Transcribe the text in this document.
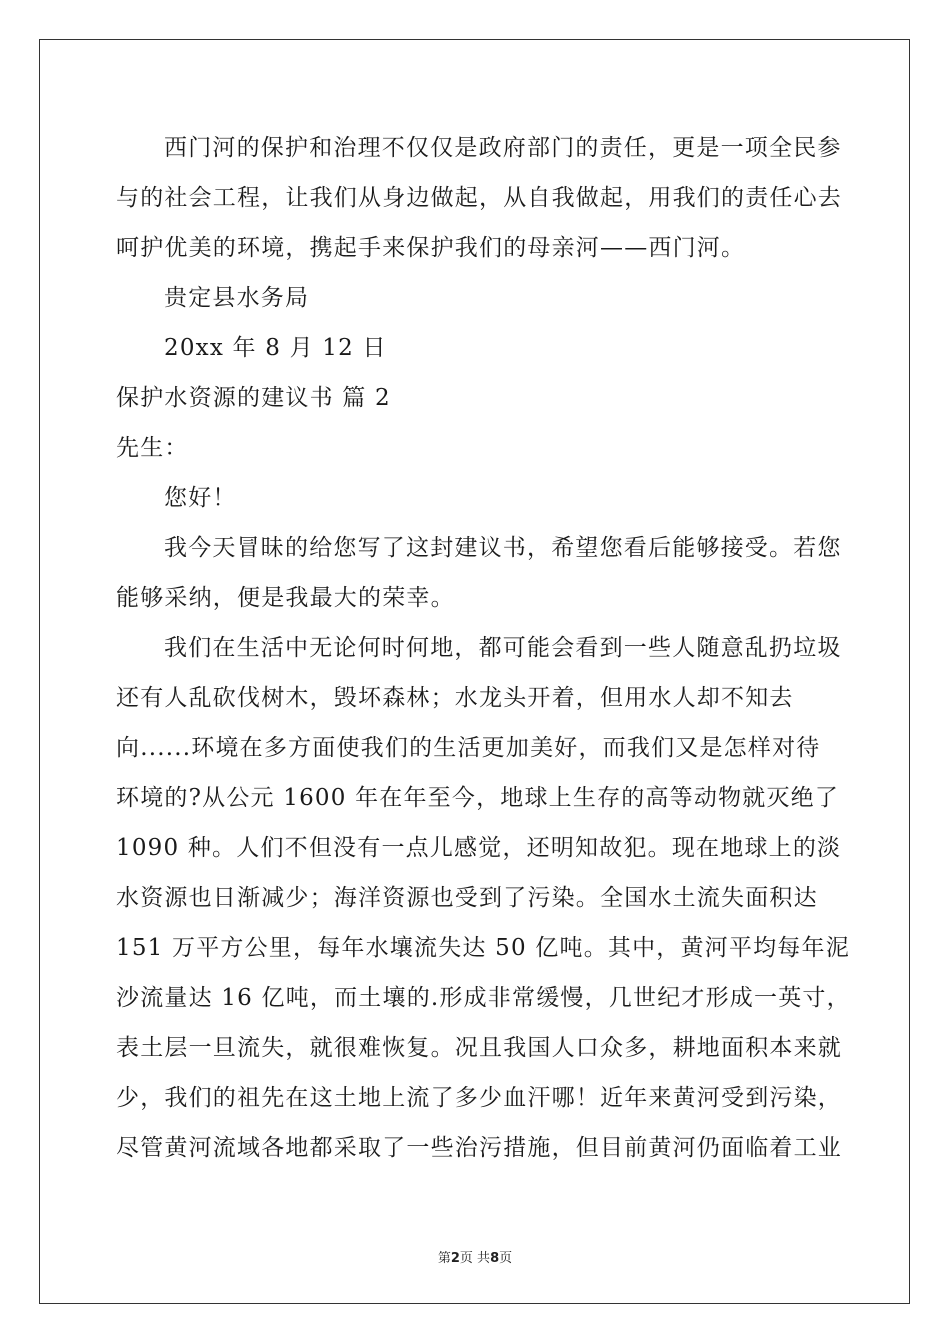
西门河的保护和治理不仅仅是政府部门的责任，更是一项全民参
与的社会工程，让我们从身边做起，从自我做起，用我们的责任心去
呵护优美的环境，携起手来保护我们的母亲河——西门河。
贵定县水务局
20xx 年 8 月 12 日
保护水资源的建议书 篇 2
先生：
您好！
我今天冒昧的给您写了这封建议书，希望您看后能够接受。若您
能够采纳，便是我最大的荣幸。
我们在生活中无论何时何地，都可能会看到一些人随意乱扔垃圾
还有人乱砍伐树木，毁坏森林；水龙头开着，但用水人却不知去
向......环境在多方面使我们的生活更加美好，而我们又是怎样对待
环境的?从公元 1600 年在年至今，地球上生存的高等动物就灭绝了
1090 种。人们不但没有一点儿感觉，还明知故犯。现在地球上的淡
水资源也日渐减少；海洋资源也受到了污染。全国水土流失面积达
151 万平方公里，每年水壤流失达 50 亿吨。其中，黄河平均每年泥
沙流量达 16 亿吨，而土壤的.形成非常缓慢，几世纪才形成一英寸，
表土层一旦流失，就很难恢复。况且我国人口众多，耕地面积本来就
少，我们的祖先在这土地上流了多少血汗哪！近年来黄河受到污染，
尽管黄河流域各地都采取了一些治污措施，但目前黄河仍面临着工业
第2页 共8页
